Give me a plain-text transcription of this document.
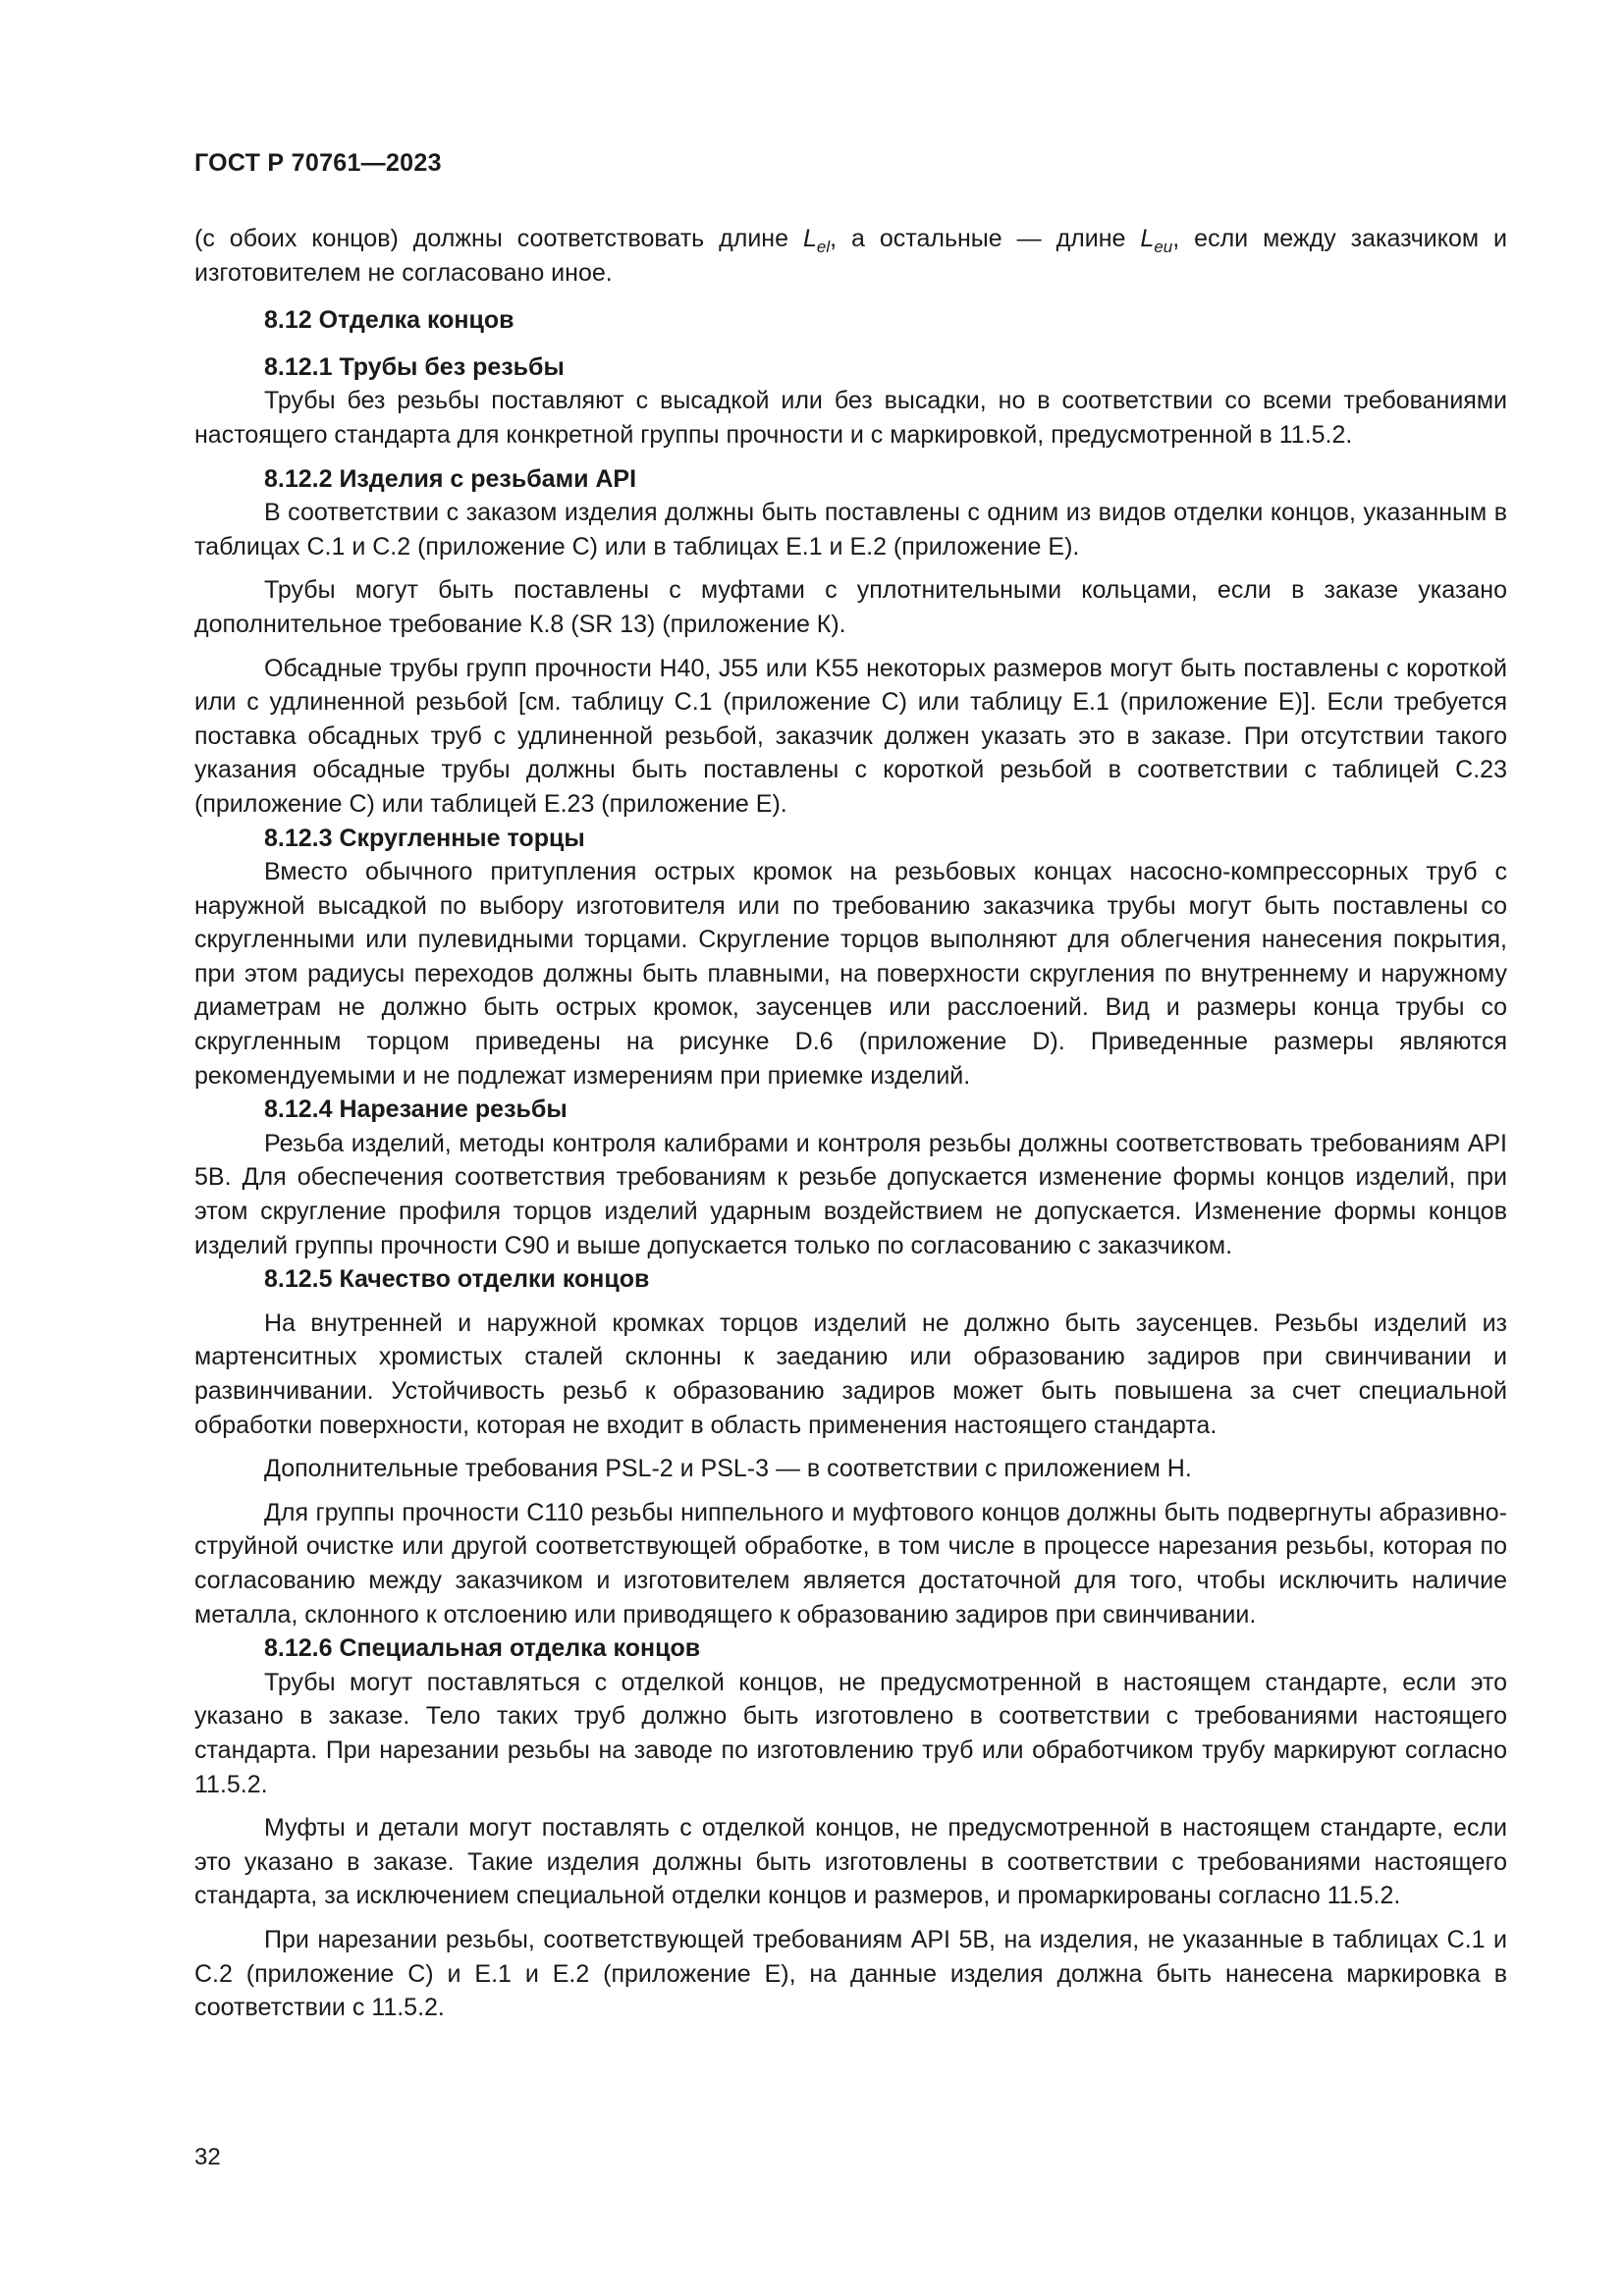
ГОСТ Р 70761—2023

(с обоих концов) должны соответствовать длине $L_{el}$, а остальные — длине $L_{eu}$, если между заказчиком и изготовителем не согласовано иное.

8.12 Отделка концов

8.12.1 Трубы без резьбы

Трубы без резьбы поставляют с высадкой или без высадки, но в соответствии со всеми требованиями настоящего стандарта для конкретной группы прочности и с маркировкой, предусмотренной в 11.5.2.

8.12.2 Изделия с резьбами API

В соответствии с заказом изделия должны быть поставлены с одним из видов отделки концов, указанным в таблицах С.1 и С.2 (приложение С) или в таблицах Е.1 и Е.2 (приложение Е).

Трубы могут быть поставлены с муфтами с уплотнительными кольцами, если в заказе указано дополнительное требование К.8 (SR 13) (приложение К).

Обсадные трубы групп прочности Н40, J55 или K55 некоторых размеров могут быть поставлены с короткой или с удлиненной резьбой [см. таблицу С.1 (приложение С) или таблицу Е.1 (приложение Е)]. Если требуется поставка обсадных труб с удлиненной резьбой, заказчик должен указать это в заказе. При отсутствии такого указания обсадные трубы должны быть поставлены с короткой резьбой в соответствии с таблицей С.23 (приложение С) или таблицей Е.23 (приложение Е).

8.12.3 Скругленные торцы

Вместо обычного притупления острых кромок на резьбовых концах насосно-компрессорных труб с наружной высадкой по выбору изготовителя или по требованию заказчика трубы могут быть поставлены со скругленными или пулевидными торцами. Скругление торцов выполняют для облегчения нанесения покрытия, при этом радиусы переходов должны быть плавными, на поверхности скругления по внутреннему и наружному диаметрам не должно быть острых кромок, заусенцев или расслоений. Вид и размеры конца трубы со скругленным торцом приведены на рисунке D.6 (приложение D). Приведенные размеры являются рекомендуемыми и не подлежат измерениям при приемке изделий.

8.12.4 Нарезание резьбы

Резьба изделий, методы контроля калибрами и контроля резьбы должны соответствовать требованиям API 5B. Для обеспечения соответствия требованиям к резьбе допускается изменение формы концов изделий, при этом скругление профиля торцов изделий ударным воздействием не допускается. Изменение формы концов изделий группы прочности С90 и выше допускается только по согласованию с заказчиком.

8.12.5 Качество отделки концов

На внутренней и наружной кромках торцов изделий не должно быть заусенцев. Резьбы изделий из мартенситных хромистых сталей склонны к заеданию или образованию задиров при свинчивании и развинчивании. Устойчивость резьб к образованию задиров может быть повышена за счет специальной обработки поверхности, которая не входит в область применения настоящего стандарта.

Дополнительные требования PSL-2 и PSL-3 — в соответствии с приложением Н.

Для группы прочности С110 резьбы ниппельного и муфтового концов должны быть подвергнуты абразивно-струйной очистке или другой соответствующей обработке, в том числе в процессе нарезания резьбы, которая по согласованию между заказчиком и изготовителем является достаточной для того, чтобы исключить наличие металла, склонного к отслоению или приводящего к образованию задиров при свинчивании.

8.12.6 Специальная отделка концов

Трубы могут поставляться с отделкой концов, не предусмотренной в настоящем стандарте, если это указано в заказе. Тело таких труб должно быть изготовлено в соответствии с требованиями настоящего стандарта. При нарезании резьбы на заводе по изготовлению труб или обработчиком трубу маркируют согласно 11.5.2.

Муфты и детали могут поставлять с отделкой концов, не предусмотренной в настоящем стандарте, если это указано в заказе. Такие изделия должны быть изготовлены в соответствии с требованиями настоящего стандарта, за исключением специальной отделки концов и размеров, и промаркированы согласно 11.5.2.

При нарезании резьбы, соответствующей требованиям API 5B, на изделия, не указанные в таблицах С.1 и С.2 (приложение С) и Е.1 и Е.2 (приложение Е), на данные изделия должна быть нанесена маркировка в соответствии с 11.5.2.

32
